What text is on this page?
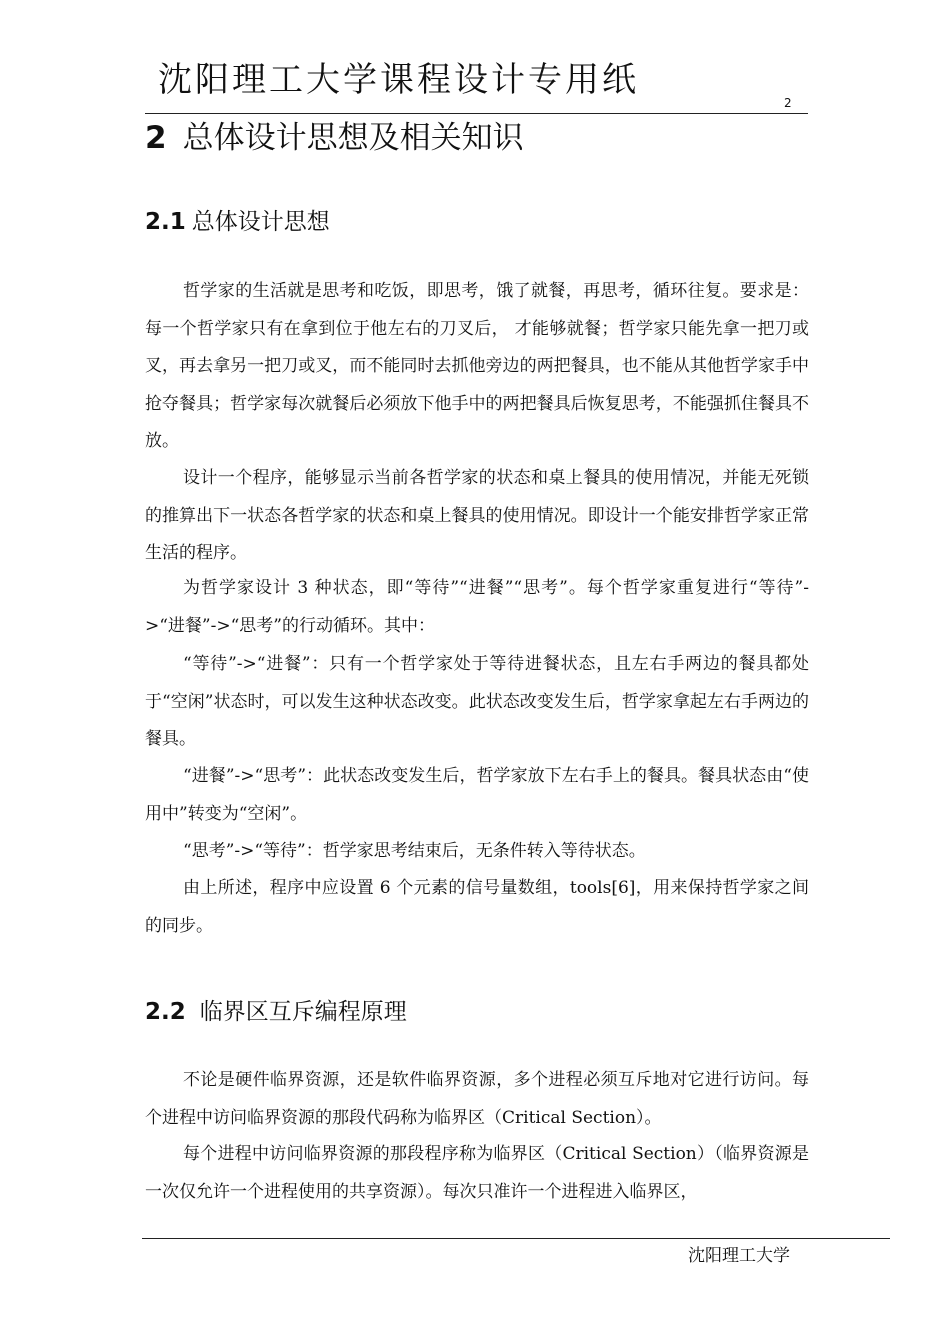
沈阳理工大学课程设计专用纸
2
2 总体设计思想及相关知识
2.1 总体设计思想

哲学家的生活就是思考和吃饭，即思考，饿了就餐，再思考，循环往复。要求是：每一个哲学家只有在拿到位于他左右的刀叉后， 才能够就餐；哲学家只能先拿一把刀或叉，再去拿另一把刀或叉，而不能同时去抓他旁边的两把餐具，也不能从其他哲学家手中抢夺餐具；哲学家每次就餐后必须放下他手中的两把餐具后恢复思考，不能强抓住餐具不放。

设计一个程序，能够显示当前各哲学家的状态和桌上餐具的使用情况，并能无死锁的推算出下一状态各哲学家的状态和桌上餐具的使用情况。即设计一个能安排哲学家正常生活的程序。

为哲学家设计 3 种状态，即“等待”“进餐”“思考”。每个哲学家重复进行“等待”->“进餐”->“思考”的行动循环。其中：

“等待”->“进餐”：只有一个哲学家处于等待进餐状态，且左右手两边的餐具都处于“空闲”状态时，可以发生这种状态改变。此状态改变发生后，哲学家拿起左右手两边的餐具。

“进餐”->“思考”：此状态改变发生后，哲学家放下左右手上的餐具。餐具状态由“使用中”转变为“空闲”。

“思考”->“等待”：哲学家思考结束后，无条件转入等待状态。

由上所述，程序中应设置 6 个元素的信号量数组，tools[6]，用来保持哲学家之间的同步。

2.2 临界区互斥编程原理

不论是硬件临界资源，还是软件临界资源，多个进程必须互斥地对它进行访问。每个进程中访问临界资源的那段代码称为临界区（Critical Section）。

每个进程中访问临界资源的那段程序称为临界区（Critical Section）（临界资源是一次仅允许一个进程使用的共享资源）。每次只准许一个进程进入临界区，

沈阳理工大学
